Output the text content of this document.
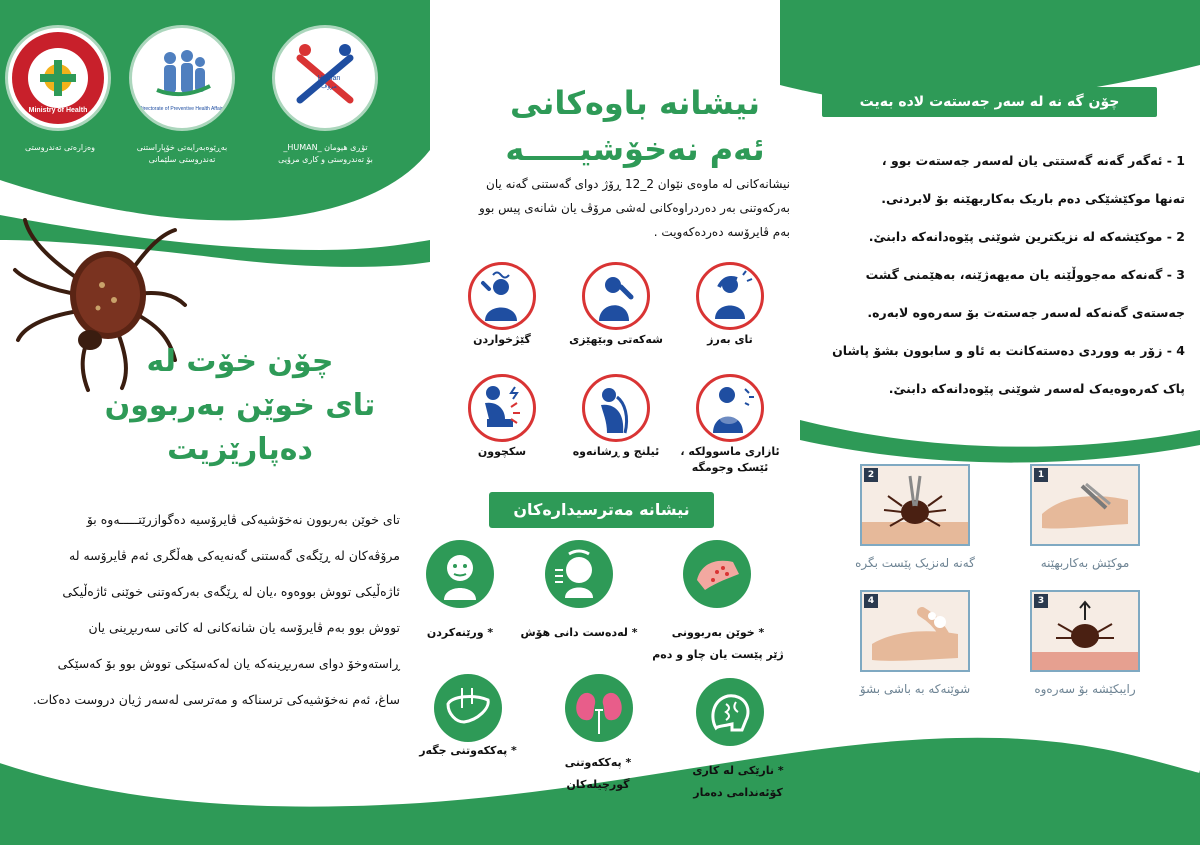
Ministry of Health
وەزارەتی تەندروستی
Directorate of Preventive Health Affairs
بەڕێوەبەرایەتی خۆپاراستنی
تەندروستی سلێمانی
Human
مرۆڤ
تۆڕی هیومان _HUMAN_
بۆ تەندروستی و کاری مرۆیی
چۆن خۆت لە
تای خوێن بەربوون
دەپارێزیت
تای خوێن بەربوون نەخۆشیەکی ڤایرۆسیە دەگوازرێتـــــەوە بۆ
مرۆڤەکان لە ڕێگەی گەستنی گەنەیەکی هەڵگری ئەم ڤایرۆسە لە
ئاژەڵیکی تووش بووەوە ،یان لە ڕێگەی بەرکەوتنی خوێنی ئاژەڵیکی
تووش بوو بەم ڤایرۆسە یان شانەکانی لە کاتی سەربڕینی یان
ڕاستەوخۆ دوای سەربڕینەکە یان لەکەسێکی تووش بوو بۆ کەسێکی
ساغ، ئەم نەخۆشیەکی ترسناکە و مەترسی لەسەر ژیان دروست دەکات.
نیشانە باوەکانی
ئەم نەخۆشیـــــە
نیشانەکانی لە ماوەی نێوان 2_12 ڕۆژ دوای گەستنی گەنە یان
بەرکەوتنی بەر دەردراوەکانی لەشی مرۆڤ یان شانەی پیس بوو
بەم ڤایرۆسە دەردەکەویت .
تای بەرز
شەکەتی وبێهێزی
گێژخواردن
ئازاری ماسوولکە ،
ئێسک وجومگە
ئیلنج و ڕشانەوە
سکچوون
نیشانە مەترسیدارەکان
* خوێن بەربوونی
ژێر پێست یان چاو و دەم
* لەدەست دانی هۆش
* ورێنەکردن
* نارێکی لە کاری
کۆئەندامی دەمار
* پەککەوتنی
گورچیلەکان
* پەککەوتنی جگەر
چۆن گە نە لە سەر جەستەت لادە بەیت
1 - ئەگەر گەنە گەستتی یان لەسەر جەستەت بوو ،
تەنها موکێشێکی دەم باریک بەکاربهێنە بۆ لابردنی.
2 - موکێشەکە لە نزیکترین شوێنی پێوەدانەکە دابنێ.
3 - گەنەکە مەجووڵێنە یان مەیهەژێنە، بەهێمنی گشت
جەستەی گەنەکە لەسەر جەستەت بۆ سەرەوە لابەرە.
4 - زۆر بە ووردی دەستەکانت بە ئاو و سابوون بشۆ پاشان
پاک کەرەوەیەک لەسەر شوێنی پێوەدانەکە دابنێ.
1
موکێش بەکاربهێنە
2
گەنە لەنزیک پێست بگرە
3
رایبکێشە بۆ سەرەوە
4
شوێنەکە بە باشی بشۆ
